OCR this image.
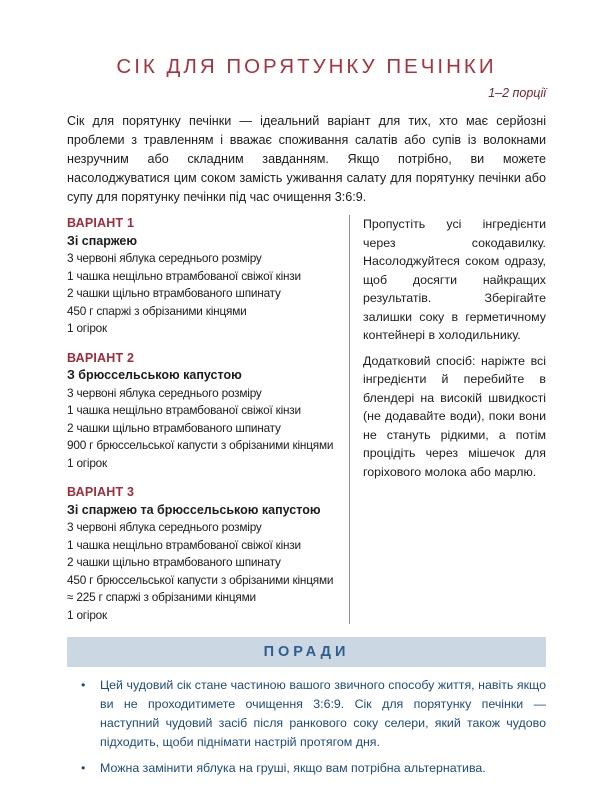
СІК ДЛЯ ПОРЯТУНКУ ПЕЧІНКИ
1–2 порції
Сік для порятунку печінки — ідеальний варіант для тих, хто має серйозні проблеми з травленням і вважає споживання салатів або супів із волокнами незручним або складним завданням. Якщо потрібно, ви можете насолоджуватися цим соком замість уживання салату для порятунку печінки або супу для порятунку печінки під час очищення 3:6:9.
ВАРІАНТ 1
Зі спаржею
3 червоні яблука середнього розміру
1 чашка нещільно втрамбованої свіжої кінзи
2 чашки щільно втрамбованого шпинату
450 г спаржі з обрізаними кінцями
1 огірок
ВАРІАНТ 2
З брюссельською капустою
3 червоні яблука середнього розміру
1 чашка нещільно втрамбованої свіжої кінзи
2 чашки щільно втрамбованого шпинату
900 г брюссельської капусти з обрізаними кінцями
1 огірок
ВАРІАНТ 3
Зі спаржею та брюссельською капустою
3 червоні яблука середнього розміру
1 чашка нещільно втрамбованої свіжої кінзи
2 чашки щільно втрамбованого шпинату
450 г брюссельської капусти з обрізаними кінцями
≈ 225 г спаржі з обрізаними кінцями
1 огірок

Пропустіть усі інгредієнти через сокодавилку. Насолоджуйтеся соком одразу, щоб досягти найкращих результатів. Зберігайте залишки соку в герметичному контейнері в холодильнику.

Додатковий спосіб: наріжте всі інгредієнти й перебийте в блендері на високій швидкості (не додавайте води), поки вони не стануть рідкими, а потім процідіть через мішечок для горіхового молока або марлю.

ПОРАДИ
•	Цей чудовий сік стане частиною вашого звичного способу життя, навіть якщо ви не проходитимете очищення 3:6:9. Сік для порятунку печінки — наступний чудовий засіб після ранкового соку селери, який також чудово підходить, щоби піднімати настрій протягом дня.
•	Можна замінити яблука на груші, якщо вам потрібна альтернатива.
